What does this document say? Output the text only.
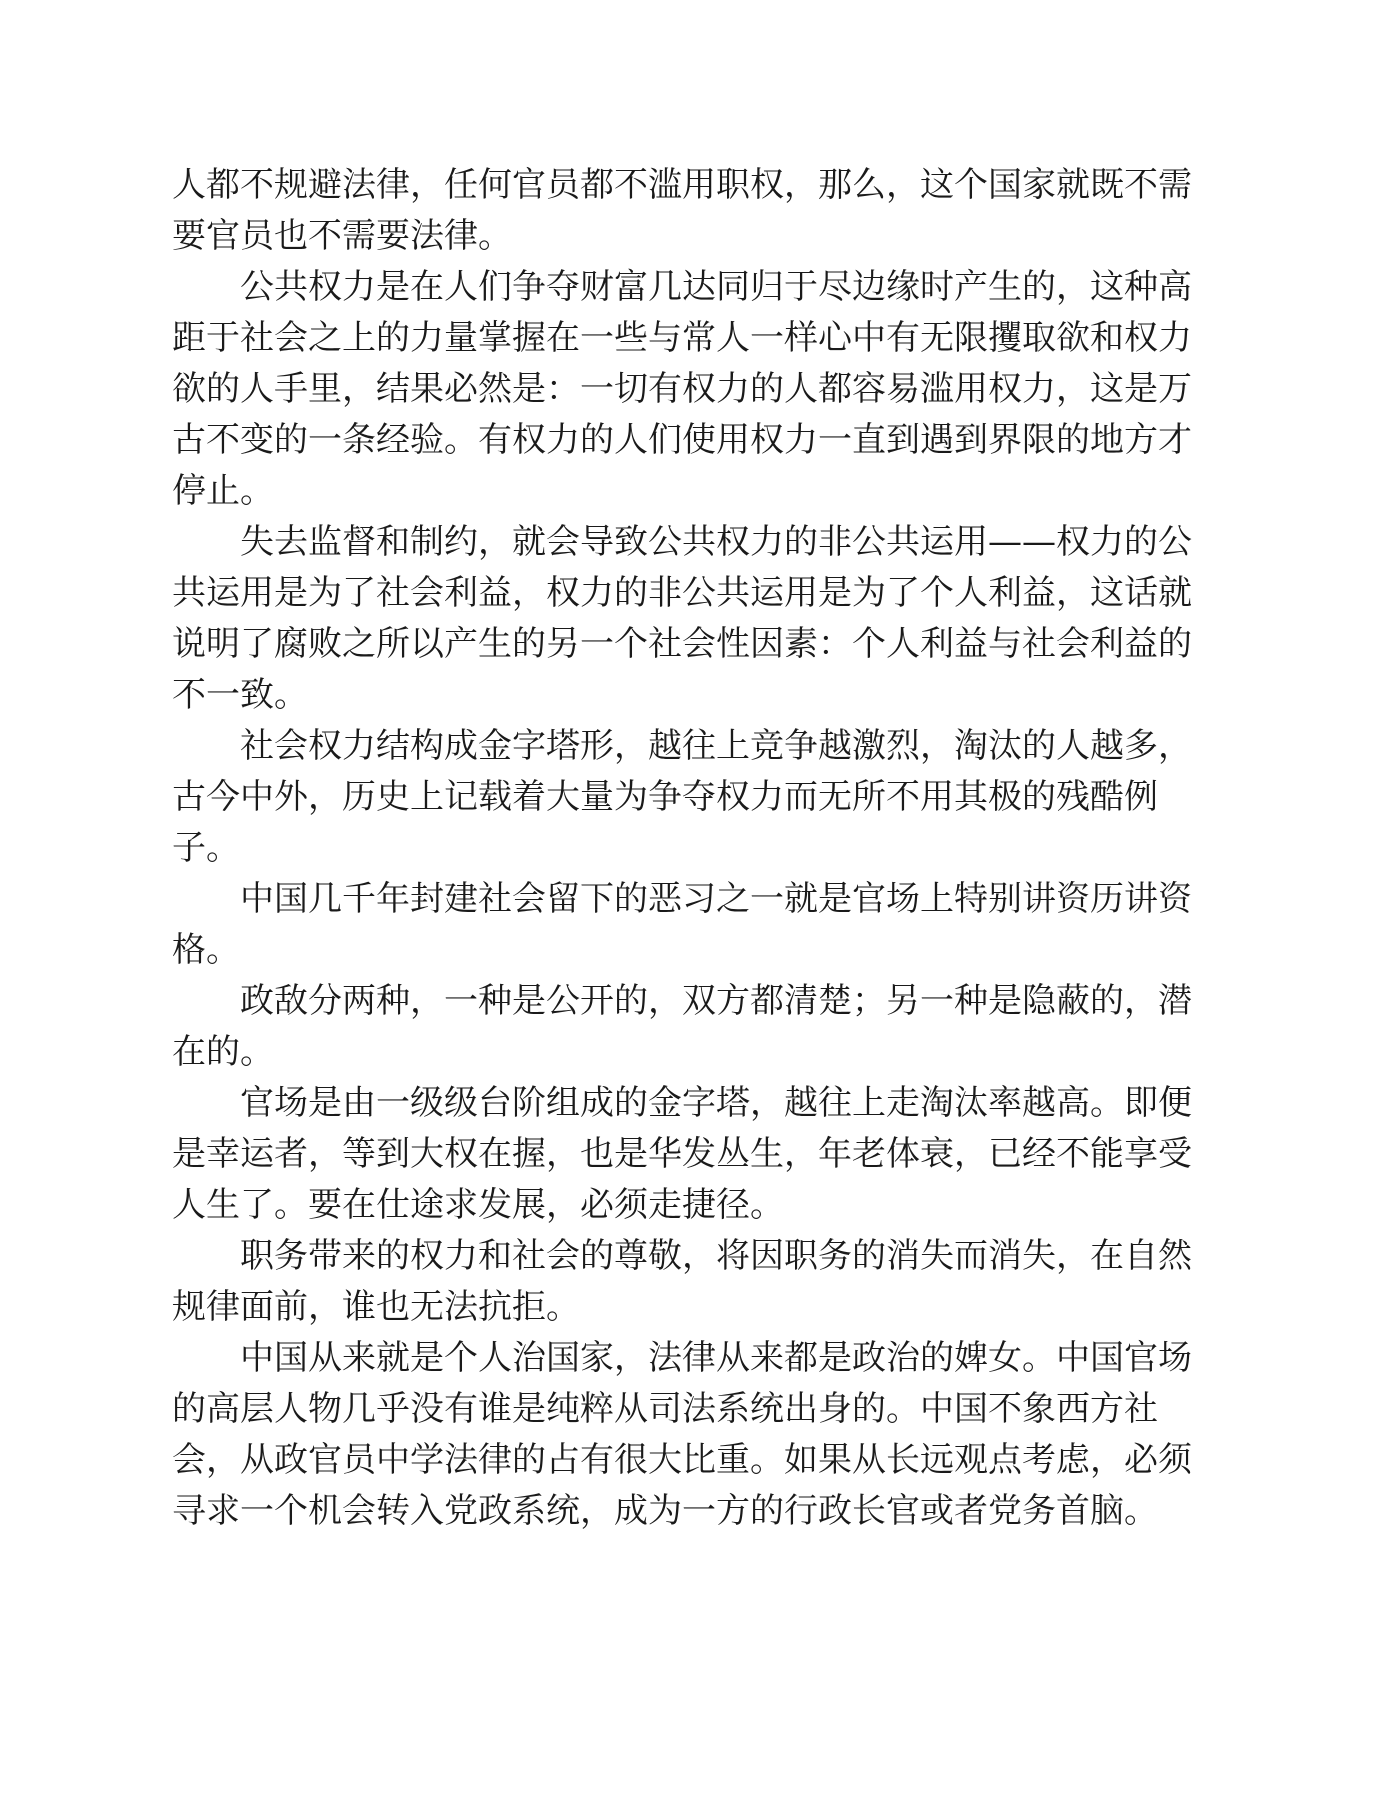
人都不规避法律，任何官员都不滥用职权，那么，这个国家就既不需要官员也不需要法律。

公共权力是在人们争夺财富几达同归于尽边缘时产生的，这种高距于社会之上的力量掌握在一些与常人一样心中有无限攫取欲和权力欲的人手里，结果必然是：一切有权力的人都容易滥用权力，这是万古不变的一条经验。有权力的人们使用权力一直到遇到界限的地方才停止。

失去监督和制约，就会导致公共权力的非公共运用——权力的公共运用是为了社会利益，权力的非公共运用是为了个人利益，这话就说明了腐败之所以产生的另一个社会性因素：个人利益与社会利益的不一致。

社会权力结构成金字塔形，越往上竞争越激烈，淘汰的人越多，古今中外，历史上记载着大量为争夺权力而无所不用其极的残酷例子。

中国几千年封建社会留下的恶习之一就是官场上特别讲资历讲资格。

政敌分两种，一种是公开的，双方都清楚；另一种是隐蔽的，潜在的。

官场是由一级级台阶组成的金字塔，越往上走淘汰率越高。即便是幸运者，等到大权在握，也是华发丛生，年老体衰，已经不能享受人生了。要在仕途求发展，必须走捷径。

职务带来的权力和社会的尊敬，将因职务的消失而消失，在自然规律面前，谁也无法抗拒。

中国从来就是个人治国家，法律从来都是政治的婢女。中国官场的高层人物几乎没有谁是纯粹从司法系统出身的。中国不象西方社会，从政官员中学法律的占有很大比重。如果从长远观点考虑，必须寻求一个机会转入党政系统，成为一方的行政长官或者党务首脑。
